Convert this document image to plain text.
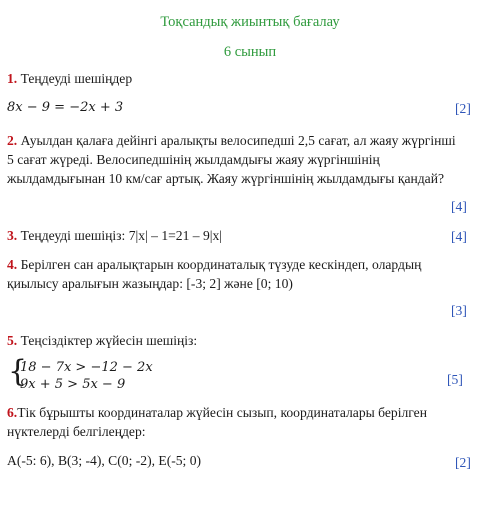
Тоқсандық жиынтық бағалау
6 сынып
1. Теңдеуді шешіңдер
8x − 9 = −2x + 3	[2]
2. Ауылдан қалаға дейінгі аралықты велосипедші 2,5 сағат, ал жаяу жүргінші
5 сағат жүреді. Велосипедшінің жылдамдығы жаяу жүргіншінің
жылдамдығынан 10 км/сағ артық. Жаяу жүргіншінің жылдамдығы қандай?
[4]
3. Теңдеуді шешіңіз: 7|x| – 1=21 – 9|x|	[4]
4. Берілген сан аралықтарын координаталық түзуде кескіндеп, олардың
қиылысу аралығын жазыңдар: [-3; 2] және [0; 10)
[3]
5. Теңсіздіктер жүйесін шешіңіз:
{
18 − 7x > −12 − 2x
9x + 5 > 5x − 9	[5]
6.Тік бұрышты координаталар жүйесін сызып, координаталары берілген
нүктелерді белгілеңдер:
A(-5: 6), B(3; -4), C(0; -2), E(-5; 0)	[2]
